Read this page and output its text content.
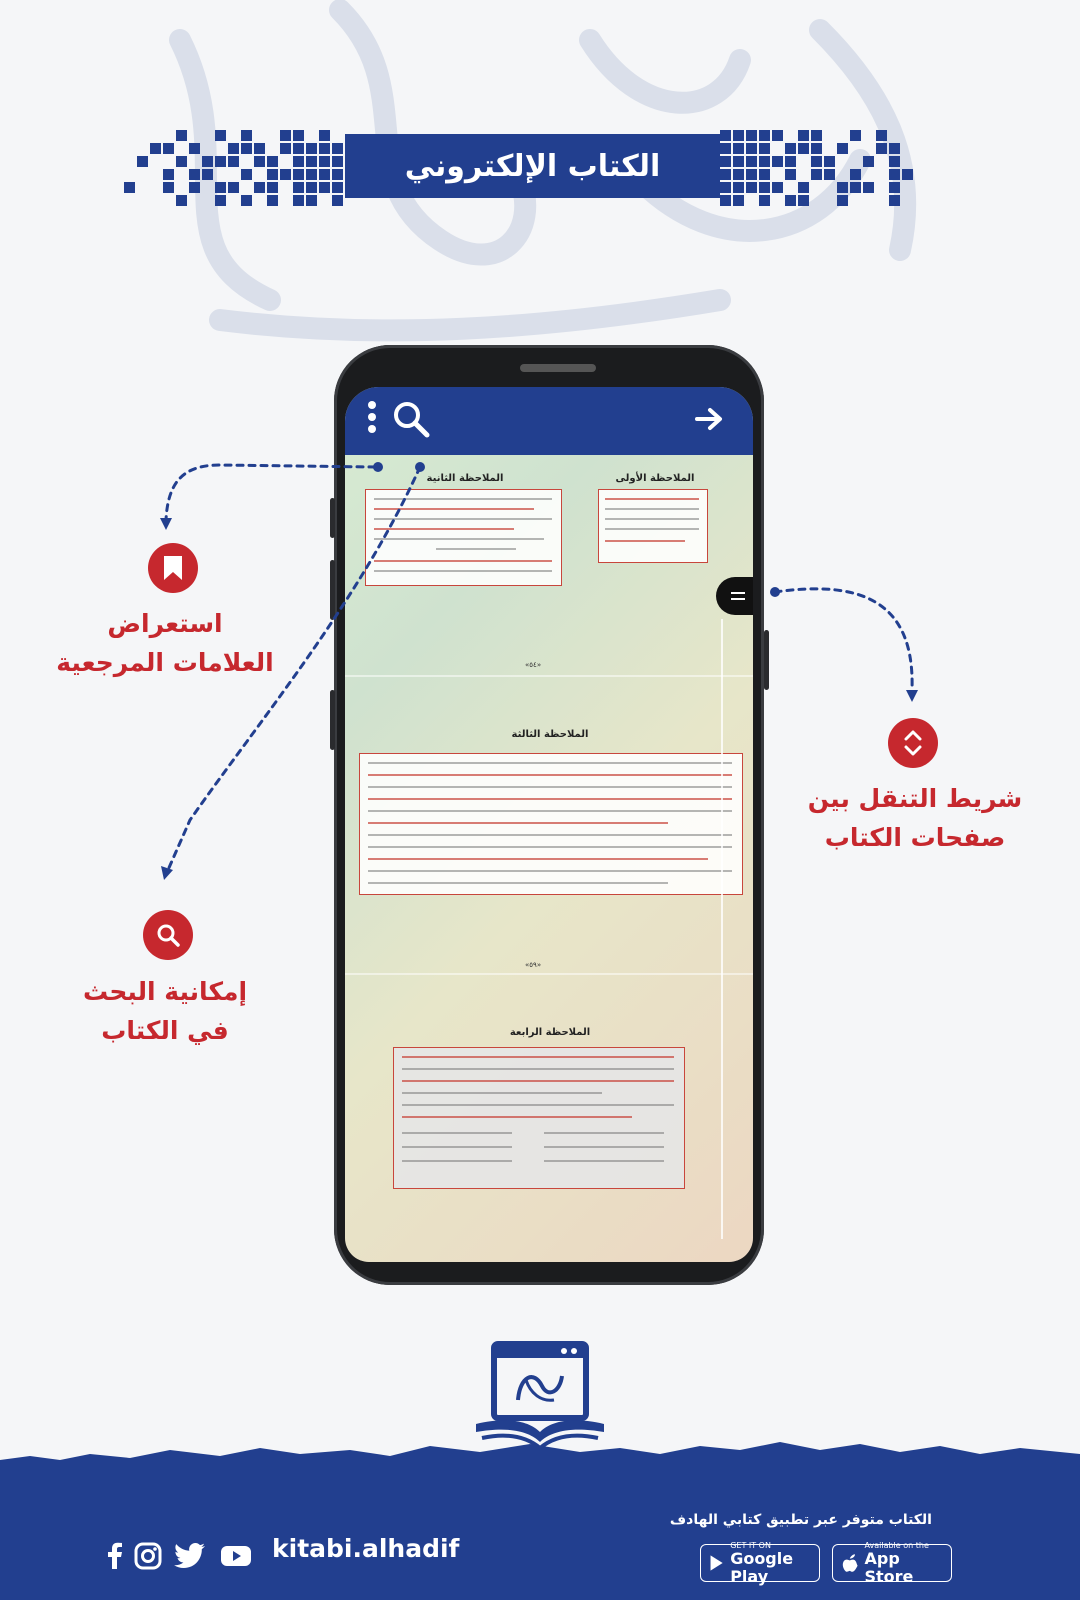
الكتاب الإلكتروني
الملاحظة الثانية	الملاحظة الأولى
«٥٤»
الملاحظة الثالثة
«٥٩»
الملاحظة الرابعة
استعراض
العلامات المرجعية
إمكانية البحث
في الكتاب
شريط التنقل بين
صفحات الكتاب
الكتاب متوفر عبر تطبيق كتابي الهادف
GET IT ON
Google Play
Available on the
App Store
kitabi.alhadif
